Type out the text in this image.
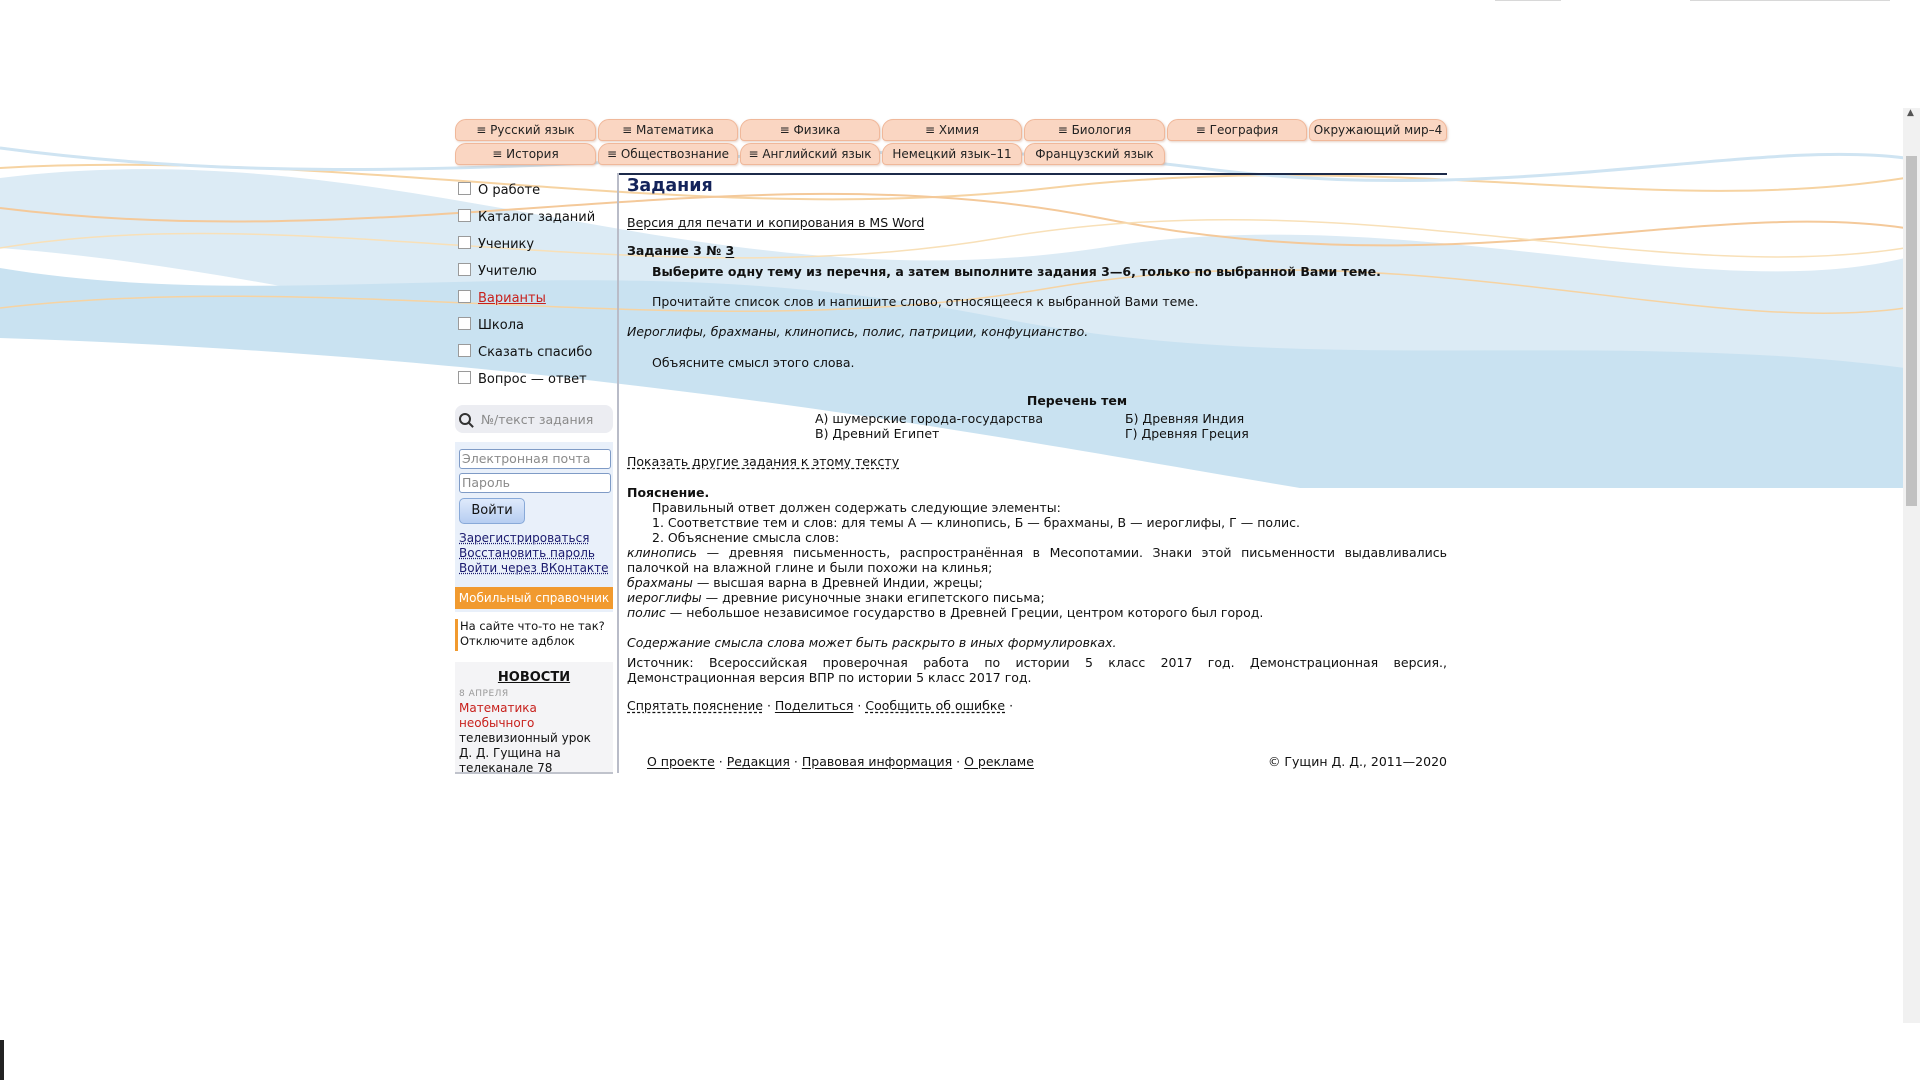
▲
≡ Русский язык	≡ Математика	≡ Физика	≡ Химия	≡ Биология	≡ География	Окружающий мир–4
≡ История	≡ Обществознание	≡ Английский язык	Немецкий язык–11	Французский язык
О работе
Каталог заданий
Ученику
Учителю
Варианты
Школа
Сказать спасибо
Вопрос — ответ
№/текст задания
Электронная почта
Пароль
Войти
Зарегистрироваться
Восстановить пароль
Войти через ВКонтакте
Мобильный справочник
На сайте что-то не так?
Отключите адблок
НОВОСТИ
8 АПРЕЛЯ
Математика необычного
телевизионный урок
Д. Д. Гущина на
телеканале 78
Задания
Версия для печати и копирования в MS Word
Задание 3 № 3
Выберите одну тему из перечня, а затем выполните задания 3—6, только по выбранной Вами теме.
Прочитайте список слов и напишите слово, относящееся к выбранной Вами теме.
Иероглифы, брахманы, клинопись, полис, патриции, конфуцианство.
Объясните смысл этого слова.
Перечень тем
А) шумерские города-государства	Б) Древняя Индия
В) Древний Египет	Г) Древняя Греция
Показать другие задания к этому тексту
Пояснение.
Правильный ответ должен содержать следующие элементы:
1. Соответствие тем и слов: для темы А — клинопись, Б — брахманы, В — иероглифы, Г — полис.
2. Объяснение смысла слов:
клинопись — древняя письменность, распространённая в Месопотамии. Знаки этой письменности выдавливались палочкой на влажной глине и были похожи на клинья;
брахманы — высшая варна в Древней Индии, жрецы;
иероглифы — древние рисуночные знаки египетского письма;
полис — небольшое независимое государство в Древней Греции, центром которого был город.
Содержание смысла слова может быть раскрыто в иных формулировках.
Источник: Всероссийская проверочная работа по истории 5 класс 2017 год. Демонстрационная версия., Демонстрационная версия ВПР по истории 5 класс 2017 год.
Спрятать пояснение · Поделиться · Сообщить об ошибке ·
О проекте · Редакция · Правовая информация · О рекламе	© Гущин Д. Д., 2011—2020
